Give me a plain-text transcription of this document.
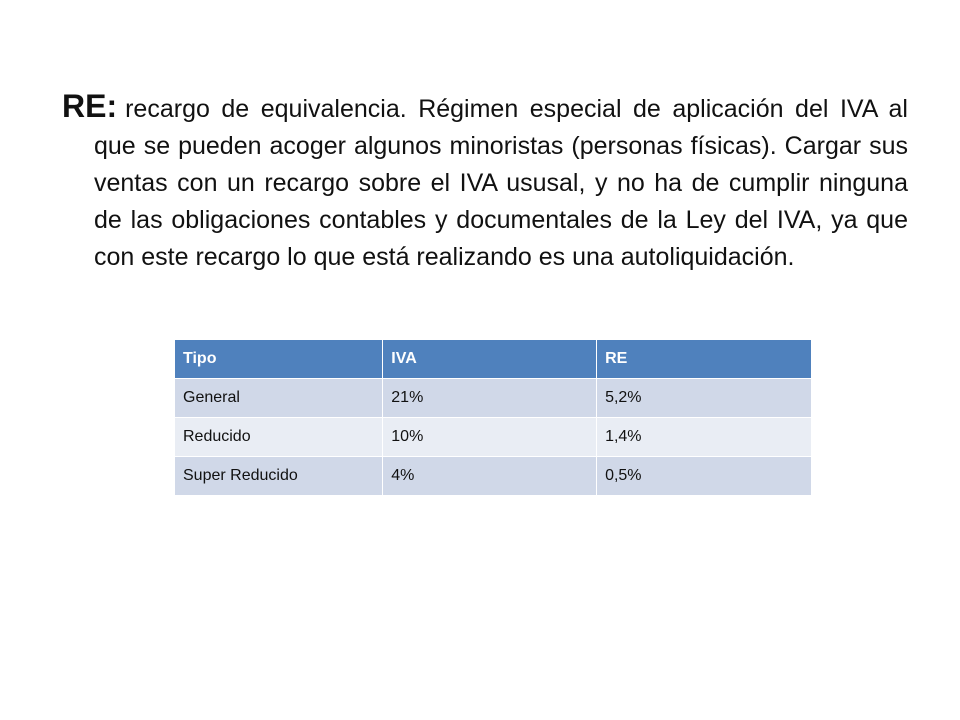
RE: recargo de equivalencia. Régimen especial de aplicación del IVA al que se pueden acoger algunos minoristas (personas físicas). Cargar sus ventas con un recargo sobre el IVA ususal, y no ha de cumplir ninguna de las obligaciones contables y documentales de la Ley del IVA, ya que con este recargo lo que está realizando es una autoliquidación.

Tipo	IVA	RE
General	21%	5,2%
Reducido	10%	1,4%
Super Reducido	4%	0,5%
